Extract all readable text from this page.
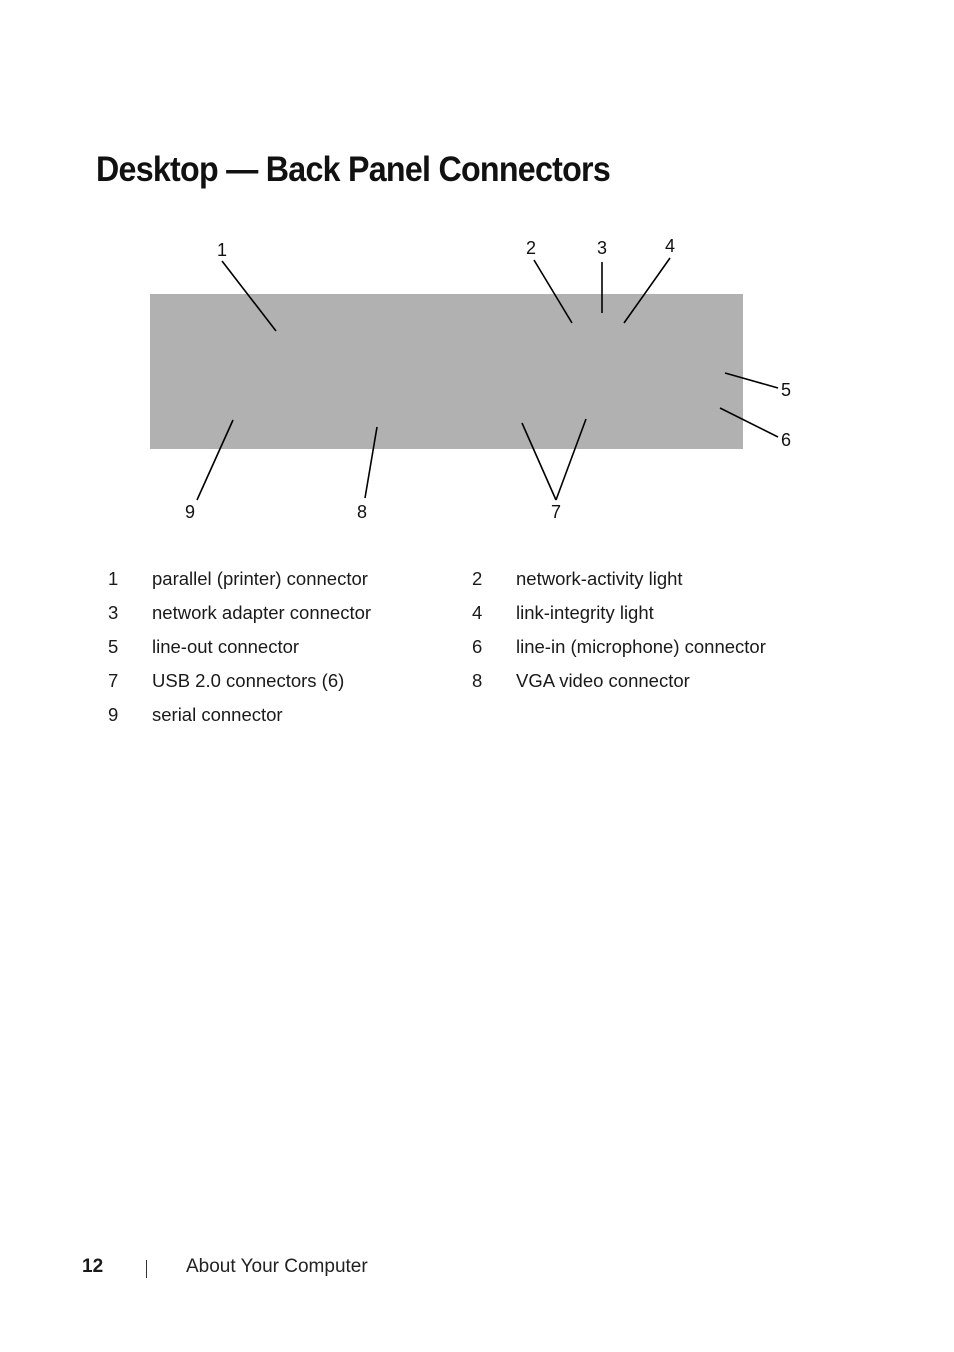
Desktop — Back Panel Connectors
1	2	3	4
5
6
7
8
9
1 parallel (printer) connector	2 network-activity light
3 network adapter connector	4 link-integrity light
5 line-out connector	6 line-in (microphone) connector
7 USB 2.0 connectors (6)	8 VGA video connector
9 serial connector
12	About Your Computer
